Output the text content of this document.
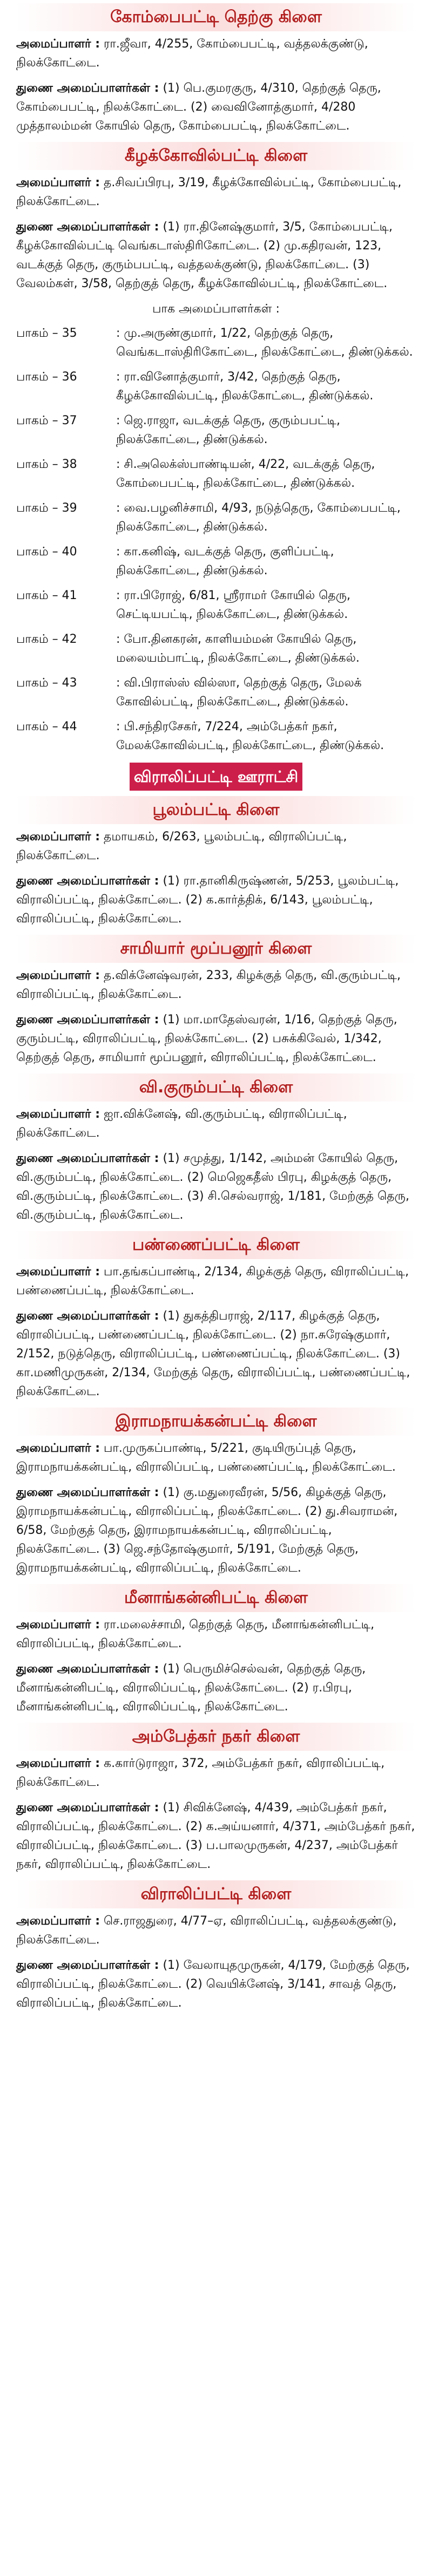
கோம்பைபட்டி தெற்கு கிளை
அமைப்பாளர் : ரா.ஜீவா, 4/255, கோம்பைபட்டி, வத்தலக்குண்டு, நிலக்கோட்டை.
துணை அமைப்பாளர்கள் : (1) பெ.குமரகுரு, 4/310, தெற்குத் தெரு, கோம்பைபட்டி, நிலக்கோட்டை. (2) வைவினோத்குமார், 4/280 முத்தாலம்மன் கோயில் தெரு, கோம்பைபட்டி, நிலக்கோட்டை.
கீழக்கோவில்பட்டி கிளை
அமைப்பாளர் : த.சிவப்பிரபு, 3/19, கீழக்கோவில்பட்டி, கோம்பைபட்டி, நிலக்கோட்டை.
துணை அமைப்பாளர்கள் : (1) ரா.தினேஷ்குமார், 3/5, கோம்பைபட்டி, கீழக்கோவில்பட்டி வெங்கடாஸ்திரிகோட்டை. (2) மு.கதிரவன், 123, வடக்குத் தெரு, குரும்பபட்டி, வத்தலக்குண்டு, நிலக்கோட்டை. (3) வேலம்கள், 3/58, தெற்குத் தெரு, கீழக்கோவில்பட்டி, நிலக்கோட்டை.
பாக அமைப்பாளர்கள் :
பாகம் – 35	: மு.அருண்குமார், 1/22, தெற்குத் தெரு, வெங்கடாஸ்திரிகோட்டை, நிலக்கோட்டை, திண்டுக்கல்.
பாகம் – 36	: ரா.வினோத்குமார், 3/42, தெற்குத் தெரு, கீழக்கோவில்பட்டி, நிலக்கோட்டை, திண்டுக்கல்.
பாகம் – 37	: ஜெ.ராஜா, வடக்குத் தெரு, குரும்பபட்டி, நிலக்கோட்டை, திண்டுக்கல்.
பாகம் – 38	: சி.அலெக்ஸ்பாண்டியன், 4/22, வடக்குத் தெரு, கோம்பைபட்டி, நிலக்கோட்டை, திண்டுக்கல்.
பாகம் – 39	: வை.பழனிச்சாமி, 4/93, நடுத்தெரு, கோம்பைபட்டி, நிலக்கோட்டை, திண்டுக்கல்.
பாகம் – 40	: கா.கனிஷ், வடக்குத் தெரு, குளிப்பட்டி, நிலக்கோட்டை, திண்டுக்கல்.
பாகம் – 41	: ரா.பிரோஜ், 6/81, ஸ்ரீராமர் கோயில் தெரு, செட்டியபட்டி, நிலக்கோட்டை, திண்டுக்கல்.
பாகம் – 42	: போ.தினகரன், காளியம்மன் கோயில் தெரு, மலையம்பாட்டி, நிலக்கோட்டை, திண்டுக்கல்.
பாகம் – 43	: வி.பிராஸ்ஸ் வில்ஸா, தெற்குத் தெரு, மேலக் கோவில்பட்டி, நிலக்கோட்டை, திண்டுக்கல்.
பாகம் – 44	: பி.சந்திரசேகர், 7/224, அம்பேத்கர் நகர், மேலக்கோவில்பட்டி, நிலக்கோட்டை, திண்டுக்கல்.
விராலிப்பட்டி ஊராட்சி
பூலம்பட்டி கிளை
அமைப்பாளர் : தமாயகம், 6/263, பூலம்பட்டி, விராலிப்பட்டி, நிலக்கோட்டை.
துணை அமைப்பாளர்கள் : (1) ரா.தானிகிருஷ்ணன், 5/253, பூலம்பட்டி, விராலிப்பட்டி, நிலக்கோட்டை. (2) க.கார்த்திக், 6/143, பூலம்பட்டி, விராலிப்பட்டி, நிலக்கோட்டை.
சாமியார் மூப்பனூர் கிளை
அமைப்பாளர் : த.விக்னேஷ்வரன், 233, கிழக்குத் தெரு, வி.குரும்பட்டி, விராலிப்பட்டி, நிலக்கோட்டை.
துணை அமைப்பாளர்கள் : (1) மா.மாதேஸ்வரன், 1/16, தெற்குத் தெரு, குரும்பட்டி, விராலிப்பட்டி, நிலக்கோட்டை. (2) பசுக்கிவேல், 1/342, தெற்குத் தெரு, சாமியார் மூப்பனூர், விராலிப்பட்டி, நிலக்கோட்டை.
வி.குரும்பட்டி கிளை
அமைப்பாளர் : ஐா.விக்னேஷ், வி.குரும்பட்டி, விராலிப்பட்டி, நிலக்கோட்டை.
துணை அமைப்பாளர்கள் : (1) சமுத்து, 1/142, அம்மன் கோயில் தெரு, வி.குரும்பட்டி, நிலக்கோட்டை. (2) மெஜெகதீஸ் பிரபு, கிழக்குத் தெரு, வி.குரும்பட்டி, நிலக்கோட்டை. (3) சி.செல்வராஜ், 1/181, மேற்குத் தெரு, வி.குரும்பட்டி, நிலக்கோட்டை.
பண்ணைப்பட்டி கிளை
அமைப்பாளர் : பா.தங்கப்பாண்டி, 2/134, கிழக்குத் தெரு, விராலிப்பட்டி, பண்ணைப்பட்டி, நிலக்கோட்டை.
துணை அமைப்பாளர்கள் : (1) துகத்திபராஜ், 2/117, கிழக்குத் தெரு, விராலிப்பட்டி, பண்ணைப்பட்டி, நிலக்கோட்டை. (2) நா.சுரேஷ்குமார், 2/152, நடுத்தெரு, விராலிப்பட்டி, பண்ணைப்பட்டி, நிலக்கோட்டை. (3) கா.மணிமுருகன், 2/134, மேற்குத் தெரு, விராலிப்பட்டி, பண்ணைப்பட்டி, நிலக்கோட்டை.
இராமநாயக்கன்பட்டி கிளை
அமைப்பாளர் : பா.முருகப்பாண்டி, 5/221, குடியிருப்புத் தெரு, இராமநாயக்கன்பட்டி, விராலிப்பட்டி, பண்ணைப்பட்டி, நிலக்கோட்டை.
துணை அமைப்பாளர்கள் : (1) கு.மதுரைவீரன், 5/56, கிழக்குத் தெரு, இராமநாயக்கன்பட்டி, விராலிப்பட்டி, நிலக்கோட்டை. (2) து.சிவராமன், 6/58, மேற்குத் தெரு, இராமநாயக்கன்பட்டி, விராலிப்பட்டி, நிலக்கோட்டை. (3) ஜெ.சந்தோஷ்குமார், 5/191, மேற்குத் தெரு, இராமநாயக்கன்பட்டி, விராலிப்பட்டி, நிலக்கோட்டை.
மீனாங்கன்னிபட்டி கிளை
அமைப்பாளர் : ரா.மலைச்சாமி, தெற்குத் தெரு, மீனாங்கன்னிபட்டி, விராலிப்பட்டி, நிலக்கோட்டை.
துணை அமைப்பாளர்கள் : (1) பெருமிச்செல்வன், தெற்குத் தெரு, மீனாங்கன்னிபட்டி, விராலிப்பட்டி, நிலக்கோட்டை. (2) ர.பிரபு, மீனாங்கன்னிபட்டி, விராலிப்பட்டி, நிலக்கோட்டை.
அம்பேத்கர் நகர் கிளை
அமைப்பாளர் : க.கார்டுராஜா, 372, அம்பேத்கர் நகர், விராலிப்பட்டி, நிலக்கோட்டை.
துணை அமைப்பாளர்கள் : (1) சிவிக்னேஷ், 4/439, அம்பேத்கர் நகர், விராலிப்பட்டி, நிலக்கோட்டை. (2) க.அய்யனார், 4/371, அம்பேத்கர் நகர், விராலிப்பட்டி, நிலக்கோட்டை. (3) ப.பாலமுருகன், 4/237, அம்பேத்கர் நகர், விராலிப்பட்டி, நிலக்கோட்டை.
விராலிப்பட்டி கிளை
அமைப்பாளர் : செ.ராஜதுரை, 4/77–ஏ, விராலிப்பட்டி, வத்தலக்குண்டு, நிலக்கோட்டை.
துணை அமைப்பாளர்கள் : (1) வேலாயுதமுருகன், 4/179, மேற்குத் தெரு, விராலிப்பட்டி, நிலக்கோட்டை. (2) வெயிக்னேஷ், 3/141, சாவத் தெரு, விராலிப்பட்டி, நிலக்கோட்டை.
